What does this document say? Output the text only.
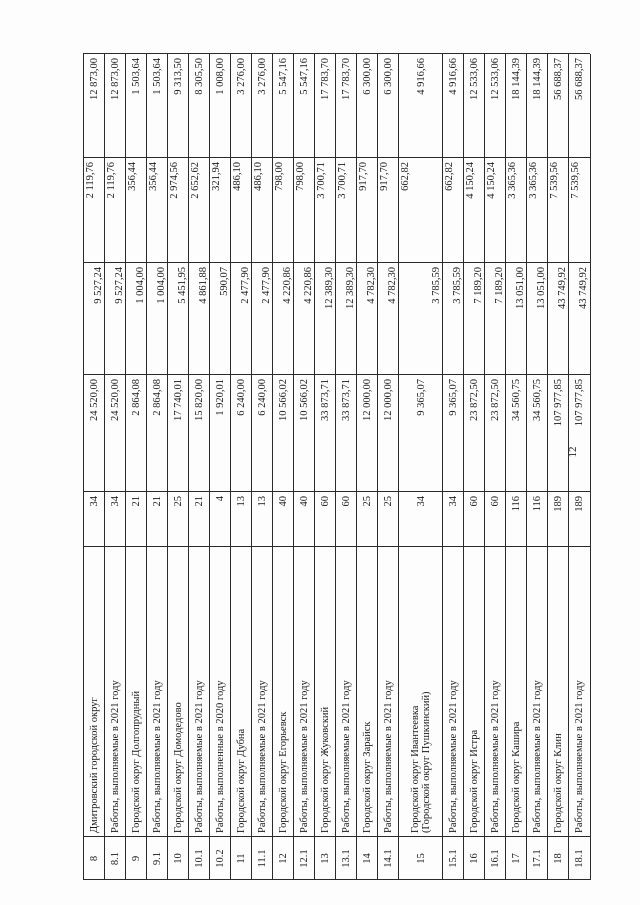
12
8
Дмитровский городской округ
34
24 520,00
9 527,24
2 119,76
12 873,00
8.1
Работы, выполняемые в 2021 году
34
24 520,00
9 527,24
2 119,76
12 873,00
9
Городской округ Долгопрудный
21
2 864,08
1 004,00
356,44
1 503,64
9.1
Работы, выполняемые в 2021 году
21
2 864,08
1 004,00
356,44
1 503,64
10
Городской округ Домодедово
25
17 740,01
5 451,95
2 974,56
9 313,50
10.1
Работы, выполняемые в 2021 году
21
15 820,00
4 861,88
2 652,62
8 305,50
10.2
Работы, выполненные в 2020 году
4
1 920,01
590,07
321,94
1 008,00
11
Городской округ Дубна
13
6 240,00
2 477,90
486,10
3 276,00
11.1
Работы, выполняемые в 2021 году
13
6 240,00
2 477,90
486,10
3 276,00
12
Городской округ Егорьевск
40
10 566,02
4 220,86
798,00
5 547,16
12.1
Работы, выполняемые в 2021 году
40
10 566,02
4 220,86
798,00
5 547,16
13
Городской округ Жуковский
60
33 873,71
12 389,30
3 700,71
17 783,70
13.1
Работы, выполняемые в 2021 году
60
33 873,71
12 389,30
3 700,71
17 783,70
14
Городской округ Зарайск
25
12 000,00
4 782,30
917,70
6 300,00
14.1
Работы, выполняемые в 2021 году
25
12 000,00
4 782,30
917,70
6 300,00
15
Городской округ Ивантеевка (Городской округ Пушкинский)
34
9 365,07
3 785,59
662,82
4 916,66
15.1
Работы, выполняемые в 2021 году
34
9 365,07
3 785,59
662,82
4 916,66
16
Городской округ Истра
60
23 872,50
7 189,20
4 150,24
12 533,06
16.1
Работы, выполняемые в 2021 году
60
23 872,50
7 189,20
4 150,24
12 533,06
17
Городской округ Кашира
116
34 560,75
13 051,00
3 365,36
18 144,39
17.1
Работы, выполняемые в 2021 году
116
34 560,75
13 051,00
3 365,36
18 144,39
18
Городской округ Клин
189
107 977,85
43 749,92
7 539,56
56 688,37
18.1
Работы, выполняемые в 2021 году
189
107 977,85
43 749,92
7 539,56
56 688,37
